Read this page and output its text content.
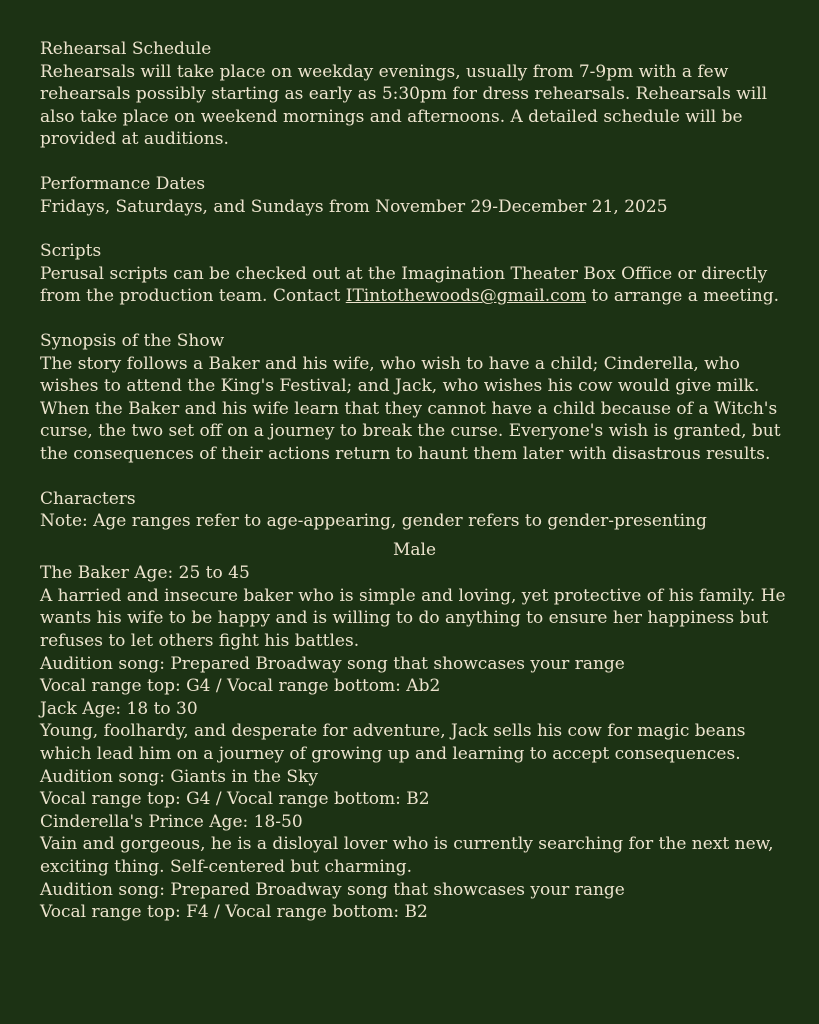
Rehearsal Schedule
Rehearsals will take place on weekday evenings, usually from 7-9pm with a few rehearsals possibly starting as early as 5:30pm for dress rehearsals. Rehearsals will also take place on weekend mornings and afternoons. A detailed schedule will be provided at auditions.
Performance Dates
Fridays, Saturdays, and Sundays from November 29-December 21, 2025
Scripts
Perusal scripts can be checked out at the Imagination Theater Box Office or directly from the production team. Contact ITintothewoods@gmail.com to arrange a meeting.
Synopsis of the Show
The story follows a Baker and his wife, who wish to have a child; Cinderella, who wishes to attend the King's Festival; and Jack, who wishes his cow would give milk. When the Baker and his wife learn that they cannot have a child because of a Witch's curse, the two set off on a journey to break the curse. Everyone's wish is granted, but the consequences of their actions return to haunt them later with disastrous results.
Characters
Note: Age ranges refer to age-appearing, gender refers to gender-presenting
Male
The Baker Age: 25 to 45
A harried and insecure baker who is simple and loving, yet protective of his family. He wants his wife to be happy and is willing to do anything to ensure her happiness but refuses to let others fight his battles.
Audition song: Prepared Broadway song that showcases your range
Vocal range top: G4 / Vocal range bottom: Ab2
Jack Age: 18 to 30
Young, foolhardy, and desperate for adventure, Jack sells his cow for magic beans which lead him on a journey of growing up and learning to accept consequences.
Audition song: Giants in the Sky
Vocal range top: G4 / Vocal range bottom: B2
Cinderella's Prince Age: 18-50
Vain and gorgeous, he is a disloyal lover who is currently searching for the next new, exciting thing. Self-centered but charming.
Audition song: Prepared Broadway song that showcases your range
Vocal range top: F4 / Vocal range bottom: B2
